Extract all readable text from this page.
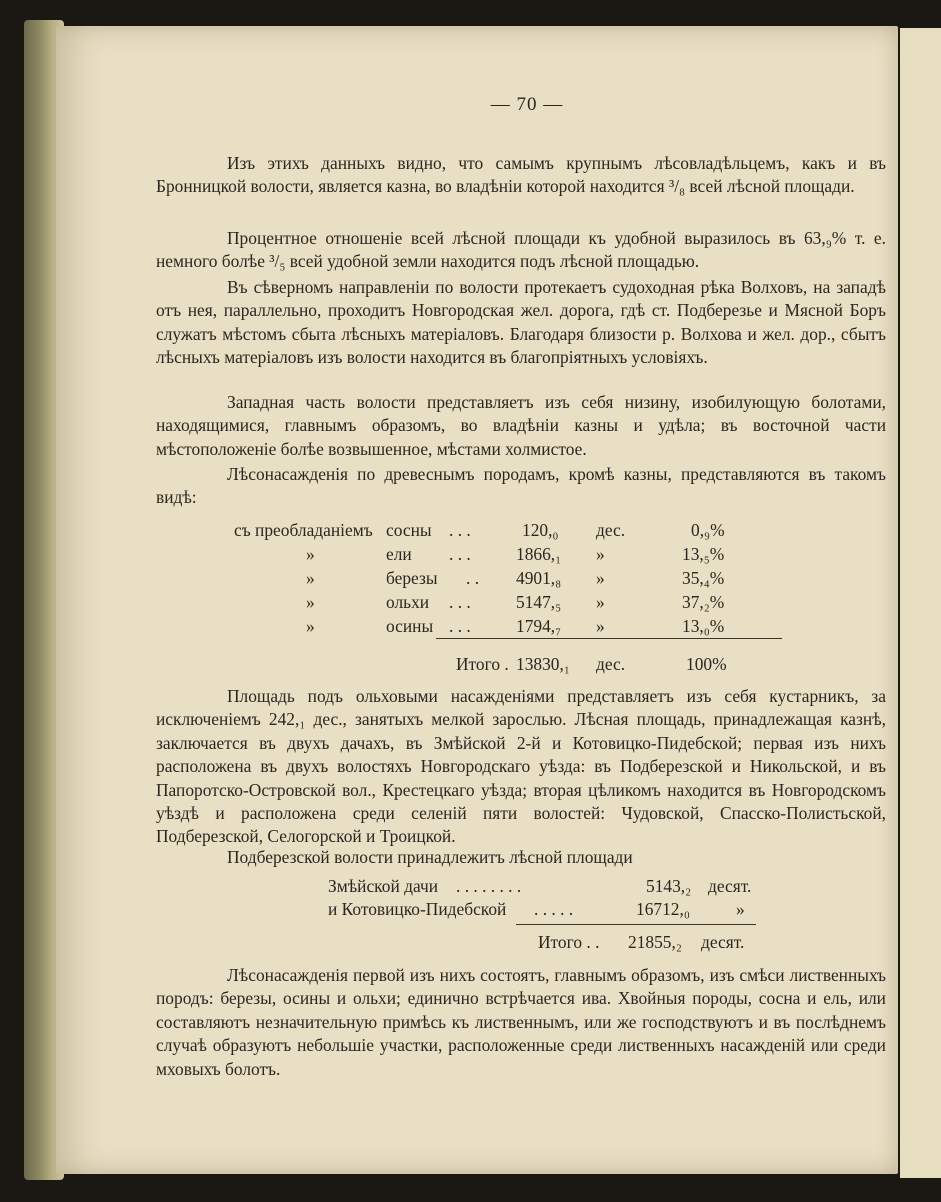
— 70 —

Изъ этихъ данныхъ видно, что самымъ крупнымъ лѣсовладѣльцемъ, какъ и въ Бронницкой волости, является казна, во владѣніи которой находится ³/₈ всей лѣсной площади.

Процентное отношеніе всей лѣсной площади къ удобной выразилось въ 63,₉% т. е. немного болѣе ³/₅ всей удобной земли находится подъ лѣсной площадью.

Въ сѣверномъ направленіи по волости протекаетъ судоходная рѣка Волховъ, на западѣ отъ нея, параллельно, проходитъ Новгородская жел. дорога, гдѣ ст. Подберезье и Мясной Боръ служатъ мѣстомъ сбыта лѣсныхъ матеріаловъ. Благодаря близости р. Волхова и жел. дор., сбытъ лѣсныхъ матеріаловъ изъ волости находится въ благопріятныхъ условіяхъ.

Западная часть волости представляетъ изъ себя низину, изобилующую болотами, находящимися, главнымъ образомъ, во владѣніи казны и удѣла; въ восточной части мѣстоположеніе болѣе возвышенное, мѣстами холмистое.

Лѣсонасажденія по древеснымъ породамъ, кромѣ казны, представляются въ такомъ видѣ:

съ преобладаніемъ сосны . . .	120,₀ дес.	0,₉%
»	ели . . .	1866,₁ »	13,₅%
»	березы . . 4901,₈ »	35,₄%
»	ольхи . . .	5147,₅ »	37,₂%
»	осины . . .	1794,₇ »	13,₀%
Итого . 13830,₁ дес.	100%

Площадь подъ ольховыми насажденіями представляетъ изъ себя кустарникъ, за исключеніемъ 242,₁ дес., занятыхъ мелкой зарослью. Лѣсная площадь, принадлежащая казнѣ, заключается въ двухъ дачахъ, въ Змѣйской 2-й и Котовицко-Пидебской; первая изъ нихъ расположена въ двухъ волостяхъ Новгородскаго уѣзда: въ Подберезской и Никольской, и въ Папоротско-Островской вол., Крестецкаго уѣзда; вторая цѣликомъ находится въ Новгородскомъ уѣздѣ и расположена среди селеній пяти волостей: Чудовской, Спасско-Полистьской, Подберезской, Селогорской и Троицкой.

Подберезской волости принадлежитъ лѣсной площади

Змѣйской дачи . . . . . . . .	5143,₂ десят.
и Котовицко-Пидебской . . . . .	16712,₀	»
Итого . . 21855,₂ десят.

Лѣсонасажденія первой изъ нихъ состоятъ, главнымъ образомъ, изъ смѣси лиственныхъ породъ: березы, осины и ольхи; единично встрѣчается ива. Хвойныя породы, сосна и ель, или составляютъ незначительную примѣсь къ лиственнымъ, или же господствуютъ и въ послѣднемъ случаѣ образуютъ небольшіе участки, расположенные среди лиственныхъ насажденій или среди мховыхъ болотъ.
